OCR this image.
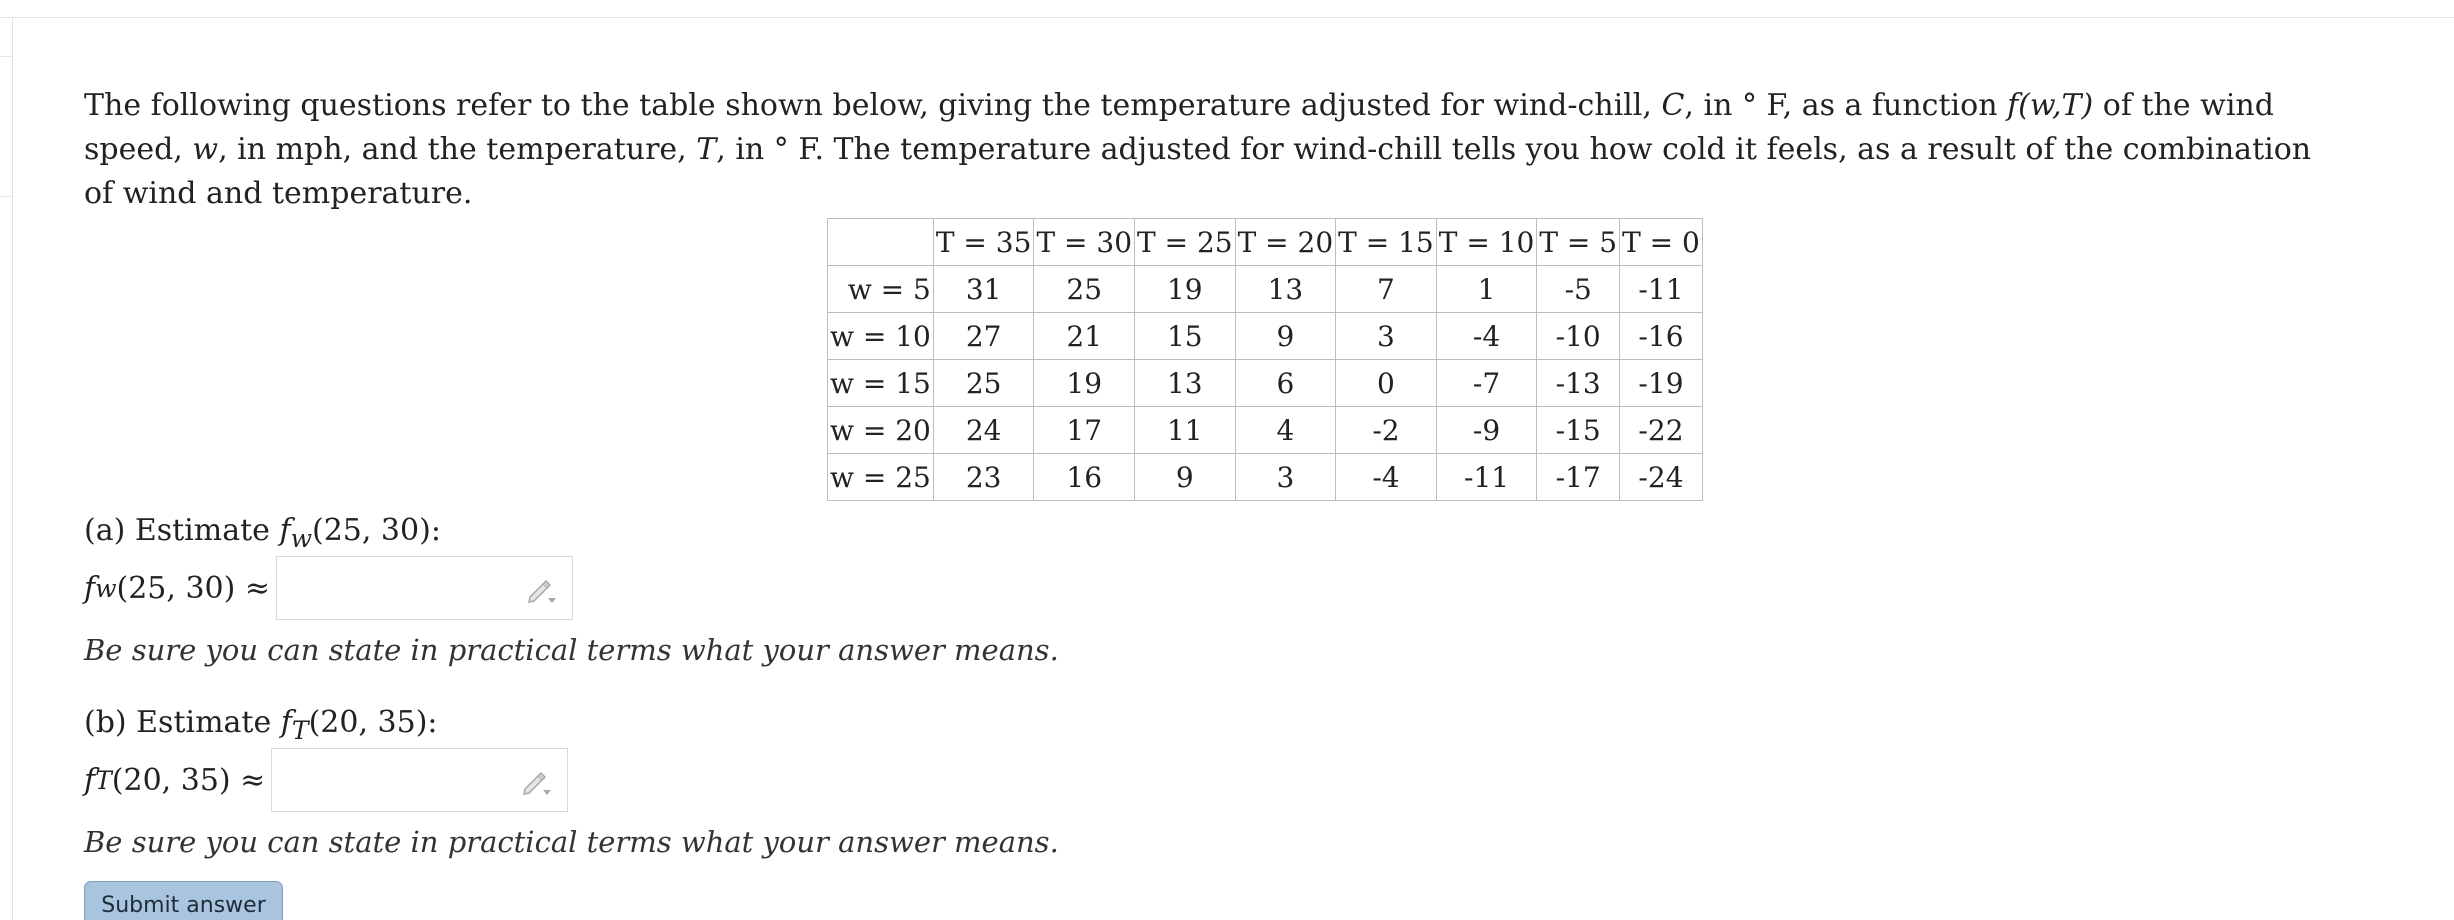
The following questions refer to the table shown below, giving the temperature adjusted for wind-chill, C, in ° F, as a function f(w,T) of the wind speed, w, in mph, and the temperature, T, in ° F. The temperature adjusted for wind-chill tells you how cold it feels, as a result of the combination of wind and temperature.

	T = 35	T = 30	T = 25	T = 20	T = 15	T = 10	T = 5	T = 0
w = 5	31	25	19	13	7	1	-5	-11
w = 10	27	21	15	9	3	-4	-10	-16
w = 15	25	19	13	6	0	-7	-13	-19
w = 20	24	17	11	4	-2	-9	-15	-22
w = 25	23	16	9	3	-4	-11	-17	-24
(a) Estimate $f_w(25$, 30):
f w (25, 30) ≈
Be sure you can state in practical terms what your answer means.
(b) Estimate $f_T(20$, 35):
f T (20, 35) ≈
Be sure you can state in practical terms what your answer means.
Submit answer
